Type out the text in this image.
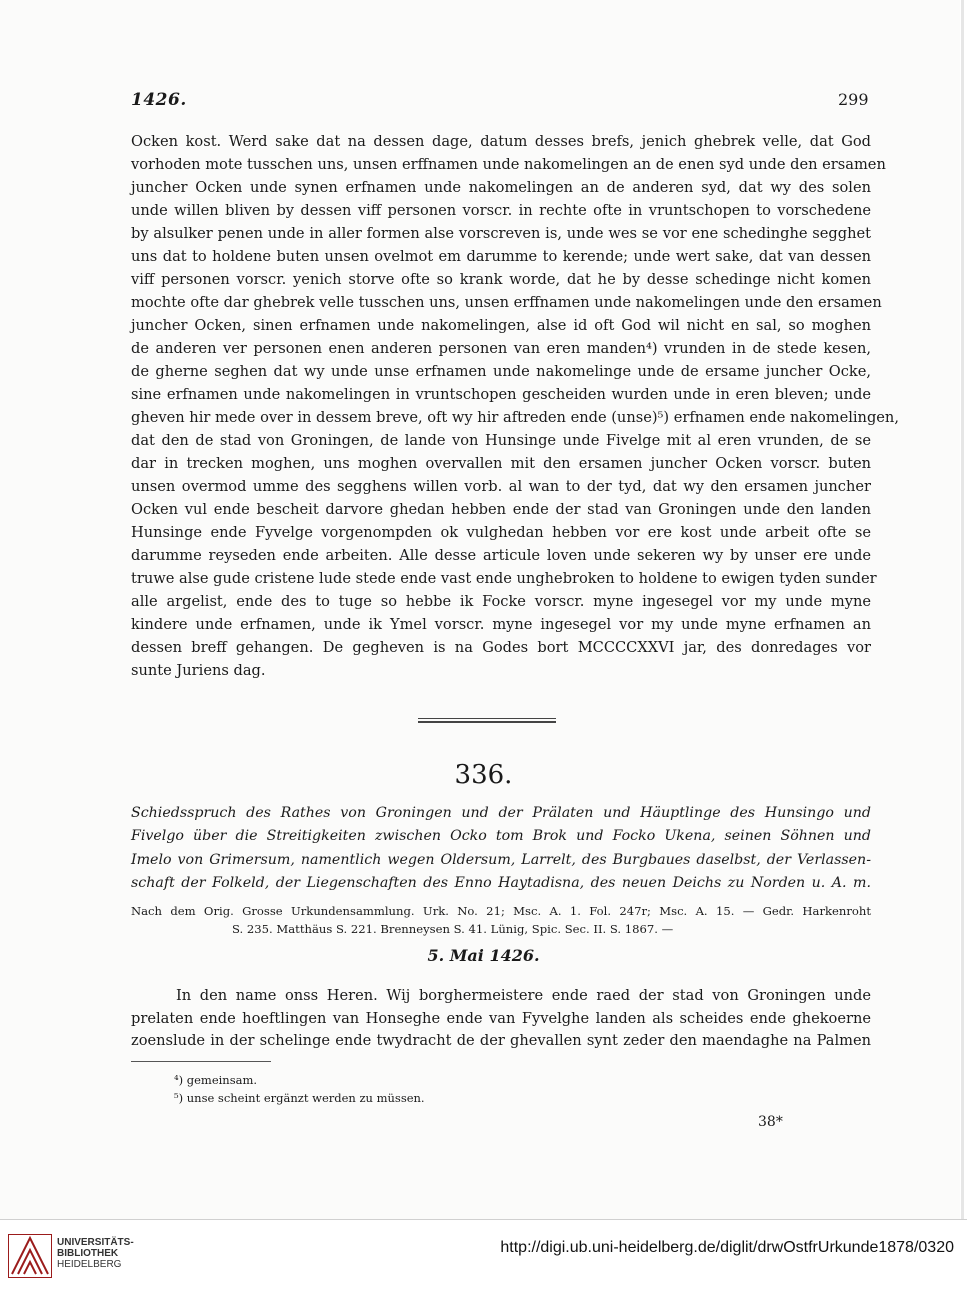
1426.	299
Ocken kost. Werd sake dat na dessen dage, datum desses brefs, jenich ghebrek velle, dat God
vorhoden mote tusschen uns, unsen erffnamen unde nakomelingen an de enen syd unde den ersamen
juncher Ocken unde synen erfnamen unde nakomelingen an de anderen syd, dat wy des solen
unde willen bliven by dessen viff personen vorscr. in rechte ofte in vruntschopen to vorschedene
by alsulker penen unde in aller formen alse vorscreven is, unde wes se vor ene schedinghe segghet
uns dat to holdene buten unsen ovelmot em darumme to kerende; unde wert sake, dat van dessen
viff personen vorscr. yenich storve ofte so krank worde, dat he by desse schedinge nicht komen
mochte ofte dar ghebrek velle tusschen uns, unsen erffnamen unde nakomelingen unde den ersamen
juncher Ocken, sinen erfnamen unde nakomelingen, alse id oft God wil nicht en sal, so moghen
de anderen ver personen enen anderen personen van eren manden⁴) vrunden in de stede kesen,
de gherne seghen dat wy unde unse erfnamen unde nakomelinge unde de ersame juncher Ocke,
sine erfnamen unde nakomelingen in vruntschopen gescheiden wurden unde in eren bleven; unde
gheven hir mede over in dessem breve, oft wy hir aftreden ende (unse)⁵) erfnamen ende nakomelingen,
dat den de stad von Groningen, de lande von Hunsinge unde Fivelge mit al eren vrunden, de se
dar in trecken moghen, uns moghen overvallen mit den ersamen juncher Ocken vorscr. buten
unsen overmod umme des segghens willen vorb. al wan to der tyd, dat wy den ersamen juncher
Ocken vul ende bescheit darvore ghedan hebben ende der stad van Groningen unde den landen
Hunsinge ende Fyvelge vorgenompden ok vulghedan hebben vor ere kost unde arbeit ofte se
darumme reyseden ende arbeiten. Alle desse articule loven unde sekeren wy by unser ere unde
truwe alse gude cristene lude stede ende vast ende unghebroken to holdene to ewigen tyden sunder
alle argelist, ende des to tuge so hebbe ik Focke vorscr. myne ingesegel vor my unde myne
kindere unde erfnamen, unde ik Ymel vorscr. myne ingesegel vor my unde myne erfnamen an
dessen breff gehangen. De gegheven is na Godes bort MCCCCXXVI jar, des donredages vor
sunte Juriens dag.
336.
Schiedsspruch des Rathes von Groningen und der Prälaten und Häuptlinge des Hunsingo und
Fivelgo über die Streitigkeiten zwischen Ocko tom Brok und Focko Ukena, seinen Söhnen und
Imelo von Grimersum, namentlich wegen Oldersum, Larrelt, des Burgbaues daselbst, der Verlassen-
schaft der Folkeld, der Liegenschaften des Enno Haytadisna, des neuen Deichs zu Norden u. A. m.
Nach dem Orig. Grosse Urkundensammlung. Urk. No. 21; Msc. A. 1. Fol. 247r; Msc. A. 15. — Gedr. Harkenroht
S. 235. Matthäus S. 221. Brenneysen S. 41. Lünig, Spic. Sec. II. S. 1867. —
5. Mai 1426.
In den name onss Heren. Wij borghermeistere ende raed der stad von Groningen unde
prelaten ende hoeftlingen van Honseghe ende van Fyvelghe landen als scheides ende ghekoerne
zoenslude in der schelinge ende twydracht de der ghevallen synt zeder den maendaghe na Palmen
⁴) gemeinsam.
⁵) unse scheint ergänzt werden zu müssen.
38*
UNIVERSITÄTS-
BIBLIOTHEK
HEIDELBERG
http://digi.ub.uni-heidelberg.de/diglit/drwOstfrUrkunde1878/0320
